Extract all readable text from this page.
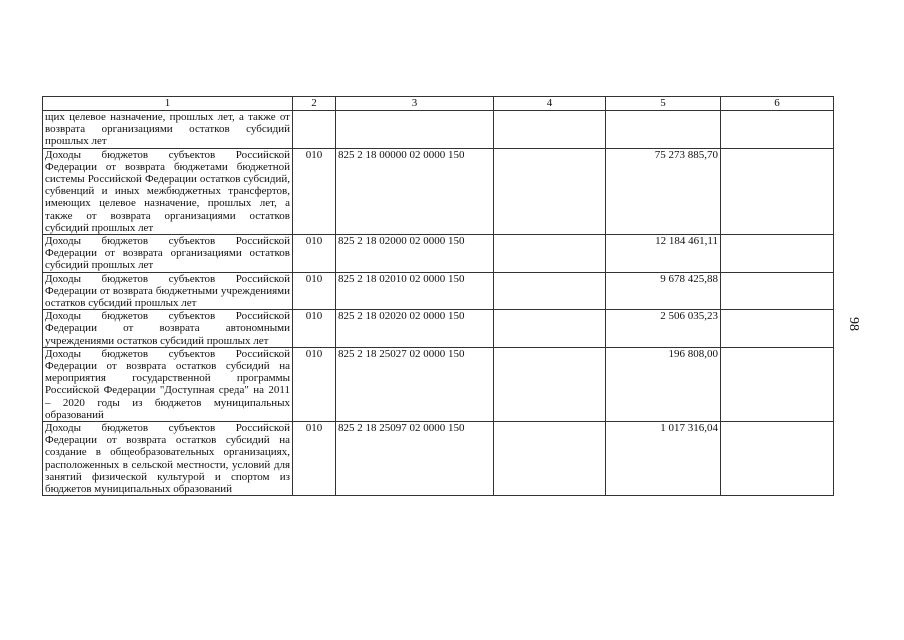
1	2	3	4	5	6
щих целевое назначение, прошлых лет, а также от возврата организациями остатков субсидий прошлых лет					
Доходы бюджетов субъектов Российской Федерации от возврата бюджетами бюджетной системы Российской Федерации остатков субсидий, субвенций и иных межбюджетных трансфертов, имеющих целевое назначение, прошлых лет, а также от возврата организациями остатков субсидий прошлых лет	010	825 2 18 00000 02 0000 150		75 273 885,70	
Доходы бюджетов субъектов Российской Федерации от возврата организациями остатков субсидий прошлых лет	010	825 2 18 02000 02 0000 150		12 184 461,11	
Доходы бюджетов субъектов Российской Федерации от возврата бюджетными учреждениями остатков субсидий прошлых лет	010	825 2 18 02010 02 0000 150		9 678 425,88	
Доходы бюджетов субъектов Российской Федерации от возврата автономными учреждениями остатков субсидий прошлых лет	010	825 2 18 02020 02 0000 150		2 506 035,23	
Доходы бюджетов субъектов Российской Федерации от возврата остатков субсидий на мероприятия государственной программы Российской Федерации "Доступная среда" на 2011 – 2020 годы из бюджетов муниципальных образований	010	825 2 18 25027 02 0000 150		196 808,00	
Доходы бюджетов субъектов Российской Федерации от возврата остатков субсидий на создание в общеобразовательных организациях, расположенных в сельской местности, условий для занятий физической культурой и спортом из бюджетов муниципальных образований	010	825 2 18 25097 02 0000 150		1 017 316,04	
98
